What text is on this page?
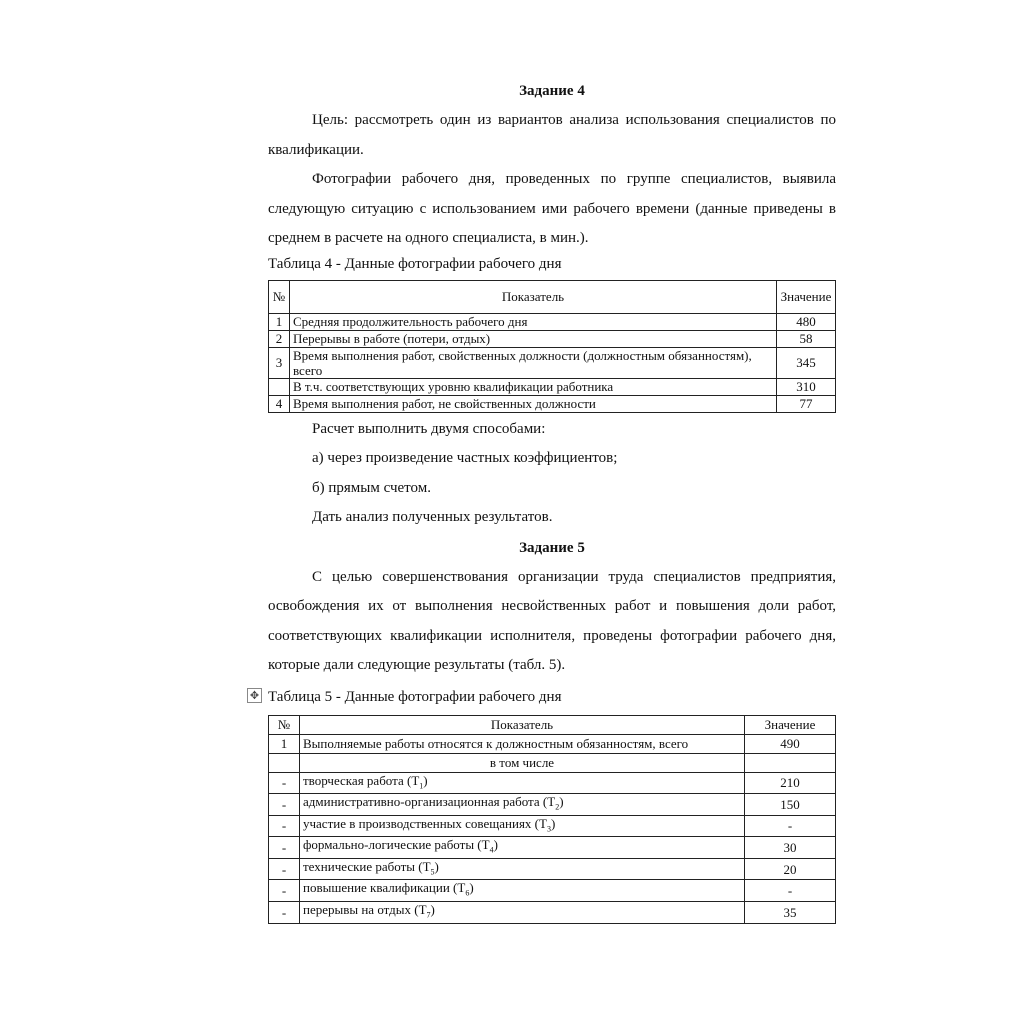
Задание 4

Цель: рассмотреть один из вариантов анализа использования специалистов по квалификации.

Фотографии рабочего дня, проведенных по группе специалистов, выявила следующую ситуацию с использованием ими рабочего времени (данные приведены в среднем в расчете на одного специалиста, в мин.).

Таблица 4 - Данные фотографии рабочего дня

№	Показатель	Значение
1	Средняя продолжительность рабочего дня	480
2	Перерывы в работе (потери, отдых)	58
3	Время выполнения работ, свойственных должности (должностным обязанностям), всего	345
	В т.ч. соответствующих уровню квалификации работника	310
4	Время выполнения работ, не свойственных должности	77

Расчет выполнить двумя способами:

а) через произведение частных коэффициентов;

б) прямым счетом.

Дать анализ полученных результатов.

Задание 5

С целью совершенствования организации труда специалистов предприятия, освобождения их от выполнения несвойственных работ и повышения доли работ, соответствующих квалификации исполнителя, проведены фотографии рабочего дня, которые дали следующие результаты (табл. 5).

✥ Таблица 5 - Данные фотографии рабочего дня

№	Показатель	Значение
1	Выполняемые работы относятся к должностным обязанностям, всего	490
	в том числе	
-	творческая работа $(Т_1)$	210
-	административно-организационная работа $(Т_2)$	150
-	участие в производственных совещаниях $(Т_3)$	-
-	формально-логические работы $(Т_4)$	30
-	технические работы $(Т_5)$	20
-	повышение квалификации $(Т_6)$	-
-	перерывы на отдых $(Т_7)$	35
